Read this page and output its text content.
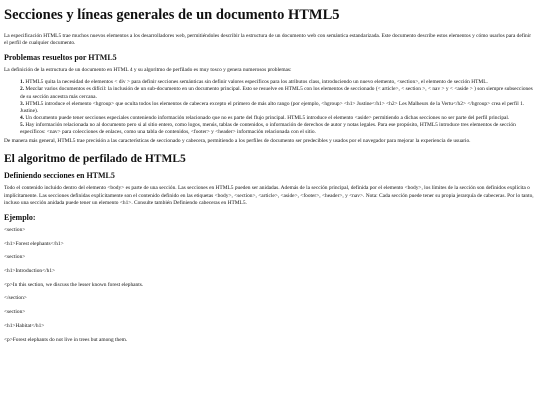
Secciones y líneas generales de un documento HTML5

La especificación HTML5 trae muchos nuevos elementos a los desarrolladores web, permitiéndoles describir la estructura de un documento web con semántica estandarizada. Este documento describe estos elementos y cómo usarlos para definir el perfil de cualquier documento.

Problemas resueltos por HTML5

La definición de la estructura de un documento en HTML 4 y su algoritmo de perfilado es muy tosco y genera numerosos problemas:

1. HTML5 quita la necesidad de elementos < div > para definir secciones semánticas sin definir valores específicos para los atributos class, introduciendo un nuevo elemento, <section>, el elemento de sección HTML.
2. Mezclar varios documentos es difícil: la inclusión de un sub-documento en un documento principal. Esto se resuelve en HTML5 con los elementos de seccionado (< article>, < section >, < nav > y < <aside > ) son siempre subsecciones de su sección ancestra más cercana.
3. HTML5 introduce el elemento <hgroup> que oculta todos los elementos de cabecera excepto el primero de más alto rango (por ejemplo, <hgroup> <h1> Justine</h1> <h2> Les Malheurs de la Vertu</h2> </hgroup> crea el perfil 1. Justine).
4. Un documento puede tener secciones especiales conteniendo información relacionado que no es parte del flujo principal. HTML5 introduce el elemento <aside> permitiendo a dichas secciones no ser parte del perfil principal.
5. Hay información relacionada no al documento pero si al sitio entero, como logos, menús, tablas de contenidos, o información de derechos de autor y notas legales. Para ese propósito, HTML5 introduce tres elementos de sección específicos: <nav> para colecciones de enlaces, como una tabla de contenidos, <footer> y <header> información relacionada con el sitio.

De manera más general, HTML5 trae precisión a las características de seccionado y cabecera, permitiendo a los perfiles de documento ser predecibles y usados por el navegador para mejorar la experiencia de usuario.

El algoritmo de perfilado de HTML5
Definiendo secciones en HTML5

Todo el contenido incluido dentro del elemento <body> es parte de una sección. Las secciones en HTML5 pueden ser anidadas. Además de la sección principal, definida por el elemento <body>, los límites de la sección son definidos explícita o implícitamente. Las secciones definidas explícitamente son el contenido definido en las etiquetas <body>, <section>, <article>, <aside>, <footer>, <header>, y <nav>. Nota: Cada sección puede tener su propia jerarquía de cabeceras. Por lo tanto, incluso una sección anidada puede tener un elemento <h1>. Consulte también Definiendo cabeceras en HTML5.

Ejemplo:

<section>

<h1>Forest elephants</h1>

<section>

<h1>Introduction</h1>

<p>In this section, we discuss the lesser known forest elephants.

</section>

<section>

<h1>Habitat</h1>

<p>Forest elephants do not live in trees but among them.
